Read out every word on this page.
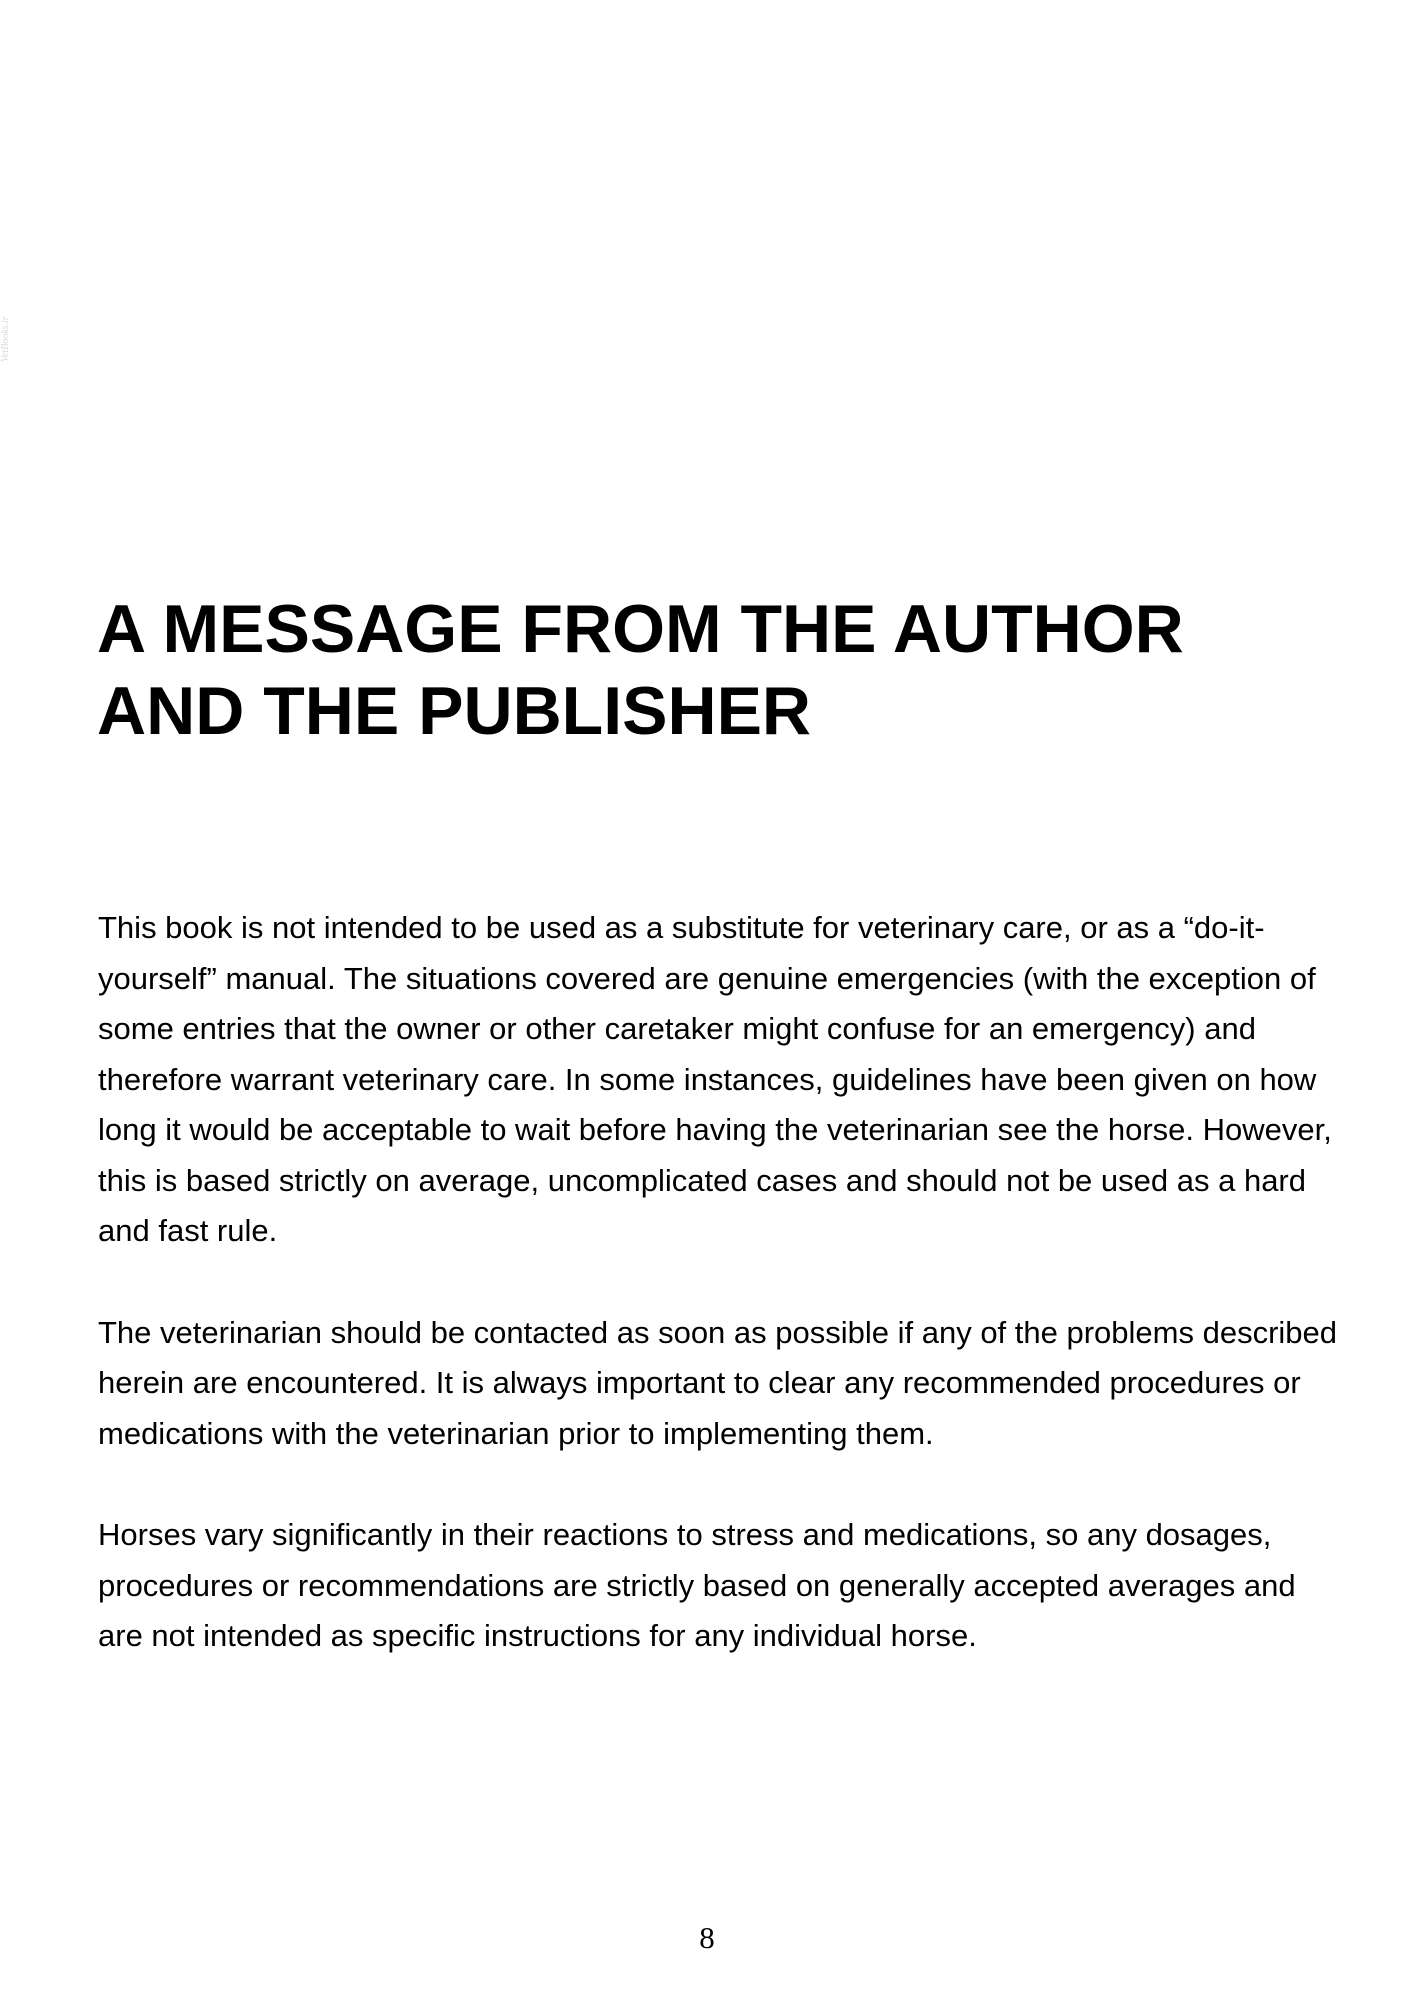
VetBooks.ir
A MESSAGE FROM THE AUTHOR
AND THE PUBLISHER

This book is not intended to be used as a substitute for veterinary care, or as a “do-it-yourself” manual. The situations covered are genuine emergencies (with the exception of some entries that the owner or other caretaker might confuse for an emergency) and therefore warrant veterinary care. In some instances, guidelines have been given on how long it would be acceptable to wait before having the veterinarian see the horse. However, this is based strictly on average, uncomplicated cases and should not be used as a hard and fast rule.

The veterinarian should be contacted as soon as possible if any of the problems described herein are encountered. It is always important to clear any recommended procedures or medications with the veterinarian prior to implementing them.

Horses vary significantly in their reactions to stress and medications, so any dosages, procedures or recommendations are strictly based on generally accepted averages and are not intended as specific instructions for any individual horse.

8
